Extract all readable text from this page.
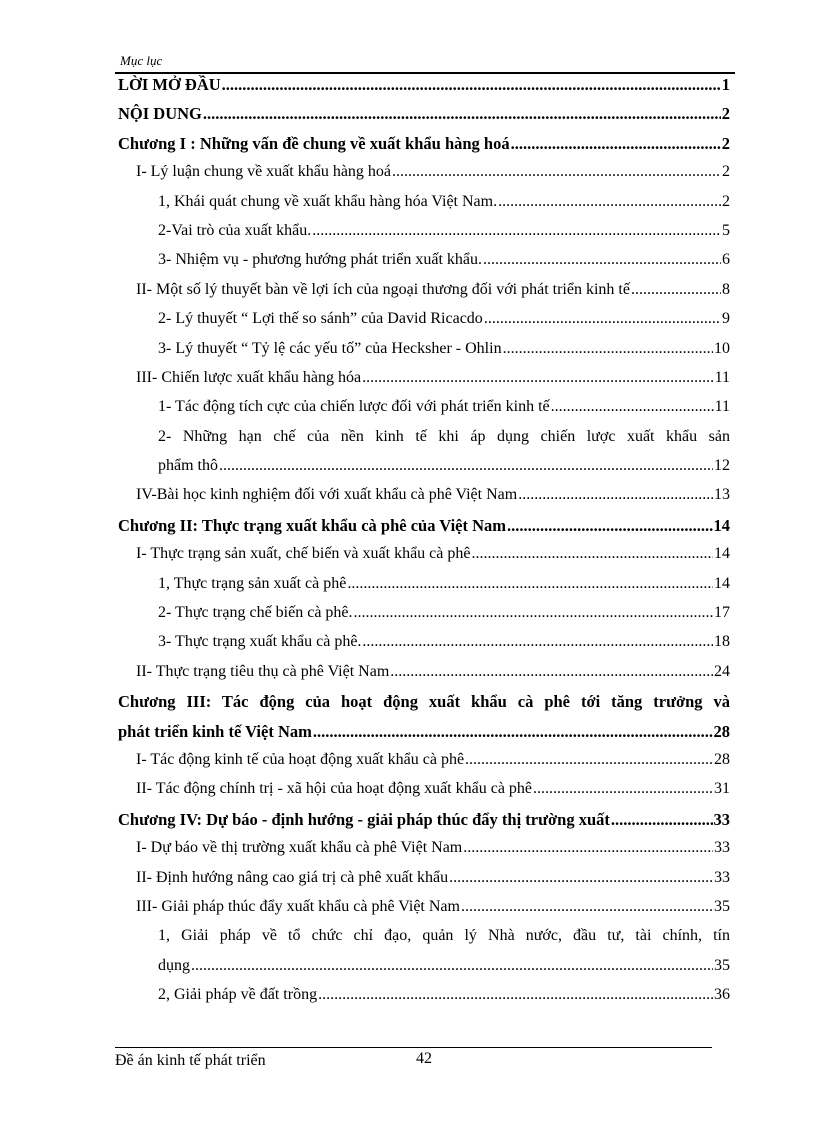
Mục lục
LỜI MỞ ĐẦU .....	1
NỘI DUNG .....	2
Chương I : Những vấn đề chung về xuất khẩu hàng hoá .....	2
I- Lý luận chung về xuất khẩu hàng hoá .....	2
1, Khái quát chung về xuất khẩu hàng hóa Việt Nam. .....	2
2-Vai trò của xuất khẩu. .....	5
3- Nhiệm vụ - phương hướng phát triển xuất khẩu. .....	6
II- Một số lý thuyết bàn về lợi ích của ngoại thương đối với phát triển kinh tế .....	8
2- Lý thuyết “ Lợi thế so sánh” của David Ricacdo .....	9
3- Lý thuyết “ Tỷ lệ các yếu tố” của Hecksher - Ohlin .....	10
III- Chiến lược xuất khẩu hàng hóa .....	11
1- Tác động tích cực của chiến lược đối với phát triển kinh tế .....	11
2- Những hạn chế của nền kinh tế khi áp dụng chiến lược xuất khẩu sản
phẩm thô .....	12
IV-Bài học kinh nghiệm đối với xuất khẩu cà phê Việt Nam .....	13
Chương II: Thực trạng xuất khẩu cà phê của Việt Nam .....	14
I- Thực trạng sản xuất, chế biến và xuất khẩu cà phê .....	14
1, Thực trạng sản xuất cà phê .....	14
2- Thực trạng chế biến cà phê. .....	17
3- Thực trạng xuất khẩu cà phê. .....	18
II- Thực trạng tiêu thụ cà phê Việt Nam .....	24
Chương III: Tác động của hoạt động xuất khẩu cà phê tới tăng trưởng và
phát triển kinh tế Việt Nam .....	28
I- Tác động kinh tế của hoạt động xuất khẩu cà phê .....	28
II- Tác động chính trị - xã hội của hoạt động xuất khẩu cà phê .....	31
Chương IV: Dự báo - định hướng - giải pháp thúc đẩy thị trường xuất .....	33
I- Dự báo về thị trường xuất khẩu cà phê Việt Nam .....	33
II- Định hướng nâng cao giá trị cà phê xuất khẩu .....	33
III- Giải pháp thúc đẩy xuất khẩu cà phê Việt Nam .....	35
1, Giải pháp về tổ chức chỉ đạo, quản lý Nhà nước, đầu tư, tài chính, tín
dụng .....	35
2, Giải pháp về đất trồng .....	36
Đề án kinh tế phát triển	42
